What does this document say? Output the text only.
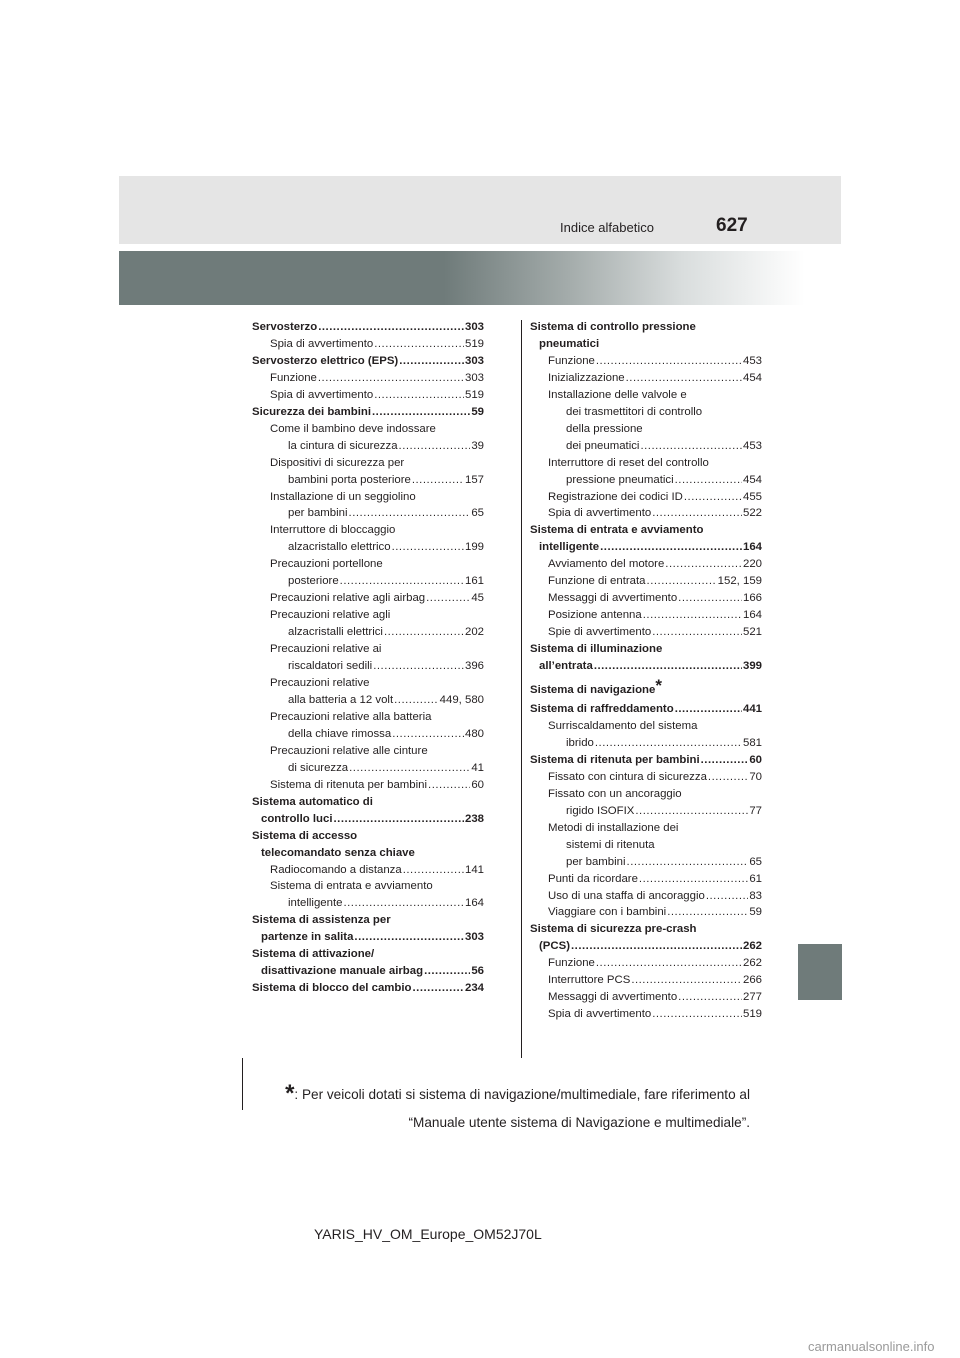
Indice alfabetico	627
Servosterzo .....	303
Spia di avvertimento .....	519
Servosterzo elettrico (EPS) .....	303
Funzione .....	303
Spia di avvertimento .....	519
Sicurezza dei bambini .....	59
Come il bambino deve indossare
la cintura di sicurezza .....	39
Dispositivi di sicurezza per
bambini porta posteriore .....	157
Installazione di un seggiolino
per bambini .....	65
Interruttore di bloccaggio
alzacristallo elettrico .....	199
Precauzioni portellone
posteriore .....	161
Precauzioni relative agli airbag .....	45
Precauzioni relative agli
alzacristalli elettrici .....	202
Precauzioni relative ai
riscaldatori sedili .....	396
Precauzioni relative
alla batteria a 12 volt .....	449, 580
Precauzioni relative alla batteria
della chiave rimossa .....	480
Precauzioni relative alle cinture
di sicurezza .....	41
Sistema di ritenuta per bambini .....	60
Sistema automatico di
controllo luci .....	238
Sistema di accesso
telecomandato senza chiave
Radiocomando a distanza .....	141
Sistema di entrata e avviamento
intelligente .....	164
Sistema di assistenza per
partenze in salita .....	303
Sistema di attivazione/
disattivazione manuale airbag .....	56
Sistema di blocco del cambio .....	234
Sistema di controllo pressione
pneumatici
Funzione .....	453
Inizializzazione .....	454
Installazione delle valvole e
dei trasmettitori di controllo
della pressione
dei pneumatici .....	453
Interruttore di reset del controllo
pressione pneumatici .....	454
Registrazione dei codici ID .....	455
Spia di avvertimento .....	522
Sistema di entrata e avviamento
intelligente .....	164
Avviamento del motore .....	220
Funzione di entrata .....	152, 159
Messaggi di avvertimento .....	166
Posizione antenna .....	164
Spie di avvertimento .....	521
Sistema di illuminazione
all’entrata .....	399
Sistema di navigazione*
Sistema di raffreddamento .....	441
Surriscaldamento del sistema
ibrido .....	581
Sistema di ritenuta per bambini .....	60
Fissato con cintura di sicurezza .....	70
Fissato con un ancoraggio
rigido ISOFIX .....	77
Metodi di installazione dei
sistemi di ritenuta
per bambini .....	65
Punti da ricordare .....	61
Uso di una staffa di ancoraggio .....	83
Viaggiare con i bambini .....	59
Sistema di sicurezza pre-crash
(PCS) .....	262
Funzione .....	262
Interruttore PCS .....	266
Messaggi di avvertimento .....	277
Spia di avvertimento .....	519
*: Per veicoli dotati si sistema di navigazione/multimediale, fare riferimento al
“Manuale utente sistema di Navigazione e multimediale”.
YARIS_HV_OM_Europe_OM52J70L
carmanualsonline.info
